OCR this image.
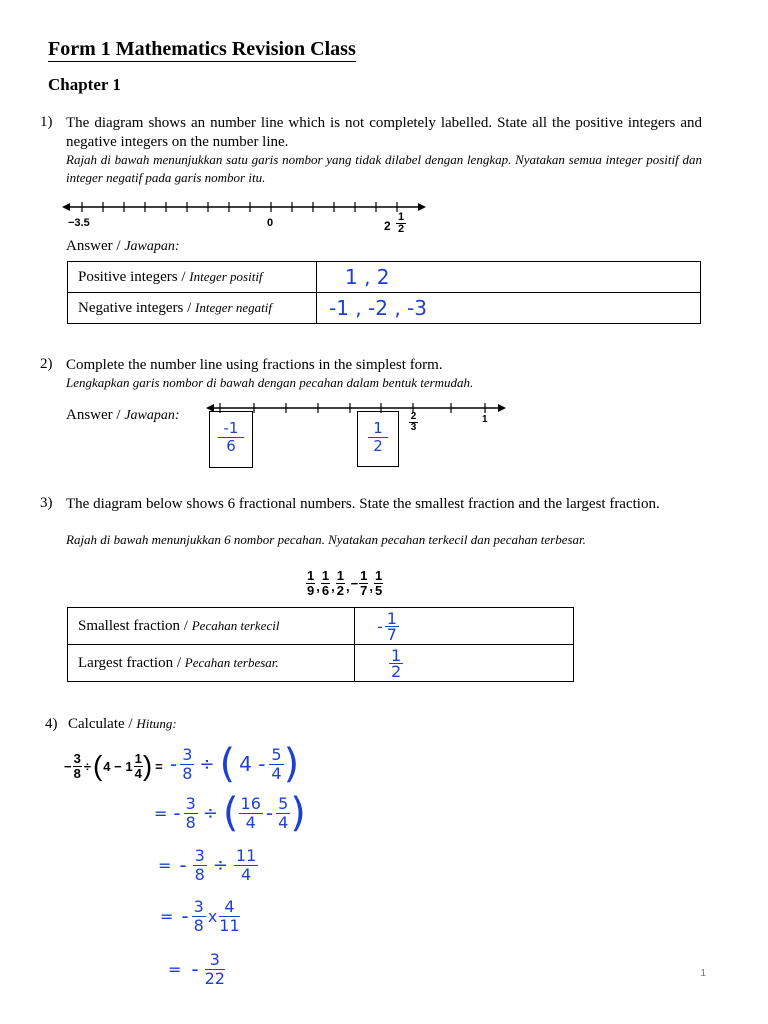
Form 1 Mathematics Revision Class
Chapter 1
1) The diagram shows an number line which is not completely labelled. State all the positive integers and negative integers on the number line.
Rajah di bawah menunjukkan satu garis nombor yang tidak dilabel dengan lengkap. Nyatakan semua integer positif dan integer negatif pada garis nombor itu.
−3.5	0	2
1
2
Answer / Jawapan:
Positive integers / Integer positif	1 , 2
Negative integers / Integer negatif	-1 , -2 , -3
2) Complete the number line using fractions in the simplest form.
Lengkapkan garis nombor di bawah dengan pecahan dalam bentuk termudah.
Answer / Jawapan:
-1
6
1
2
2
3
1
3) The diagram below shows 6 fractional numbers. State the smallest fraction and the largest fraction.
Rajah di bawah menunjukkan 6 nombor pecahan. Nyatakan pecahan terkecil dan pecahan terbesar.
1
9 ,
1
6 ,
1
2 , − $\frac{1}{7}$ ,
1
5
Smallest fraction / Pecahan terkecil	- 1
7

Largest fraction / Pecahan terbesar.	$\frac{1}{2}$
4) Calculate / Hitung:
− $\frac{3}{8}$ ÷ ( 4 − 1
1
4 ) = - $\frac{3}{8}$ ÷ ( 4 - 5
4 )
= - $\frac{3}{8}$ ÷ ( 16
4 - 5
4 )
= - $\frac{3}{8} \div \frac{11}{4}$
= - 3
8 x
4
11
= - 3
22	1
